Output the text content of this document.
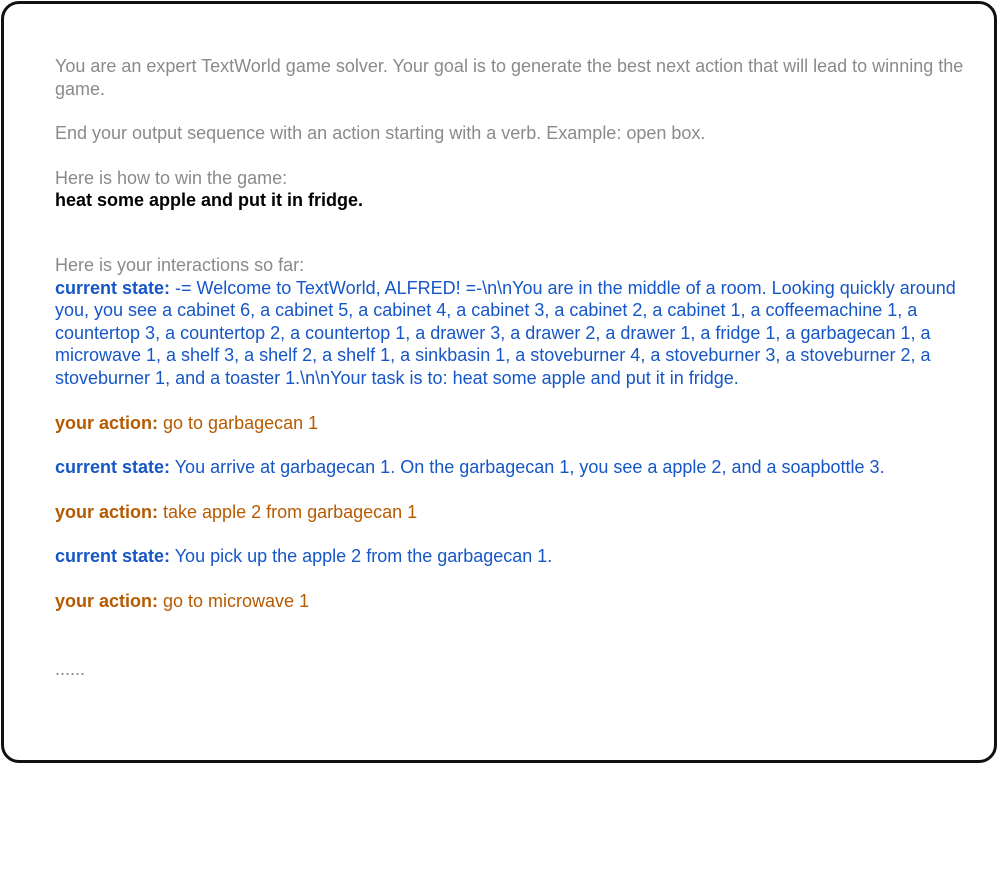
You are an expert TextWorld game solver. Your goal is to generate the best next action that will lead to winning the game.

End your output sequence with an action starting with a verb. Example: open box.

Here is how to win the game:

heat some apple and put it in fridge.

Here is your interactions so far:

current state: -= Welcome to TextWorld, ALFRED! =-\n\nYou are in the middle of a room. Looking quickly around you, you see a cabinet 6, a cabinet 5, a cabinet 4, a cabinet 3, a cabinet 2, a cabinet 1, a coffeemachine 1, a countertop 3, a countertop 2, a countertop 1, a drawer 3, a drawer 2, a drawer 1, a fridge 1, a garbagecan 1, a microwave 1, a shelf 3, a shelf 2, a shelf 1, a sinkbasin 1, a stoveburner 4, a stoveburner 3, a stoveburner 2, a stoveburner 1, and a toaster 1.\n\nYour task is to: heat some apple and put it in fridge.

your action: go to garbagecan 1

current state: You arrive at garbagecan 1. On the garbagecan 1, you see a apple 2, and a soapbottle 3.

your action: take apple 2 from garbagecan 1

current state: You pick up the apple 2 from the garbagecan 1.

your action: go to microwave 1

......
